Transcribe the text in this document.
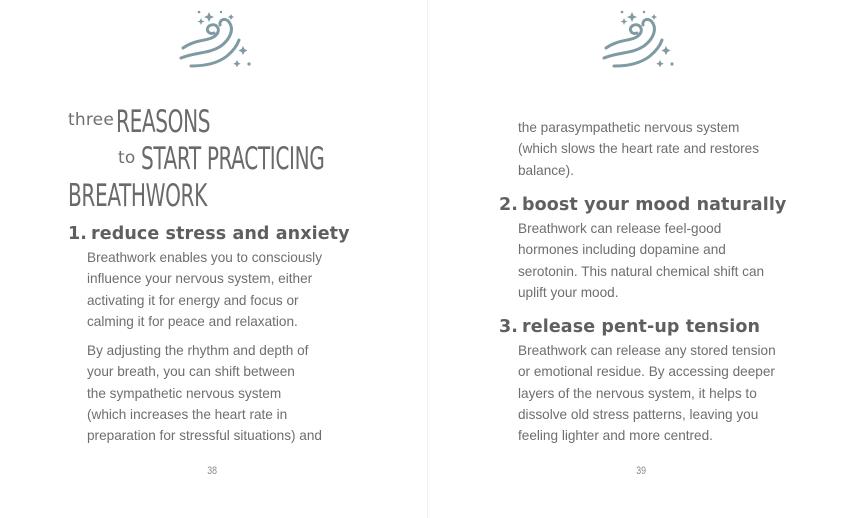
three REASONS
to START PRACTICING
BREATHWORK
1. reduce stress and anxiety
Breathwork enables you to consciously
influence your nervous system, either
activating it for energy and focus or
calming it for peace and relaxation.
By adjusting the rhythm and depth of
your breath, you can shift between
the sympathetic nervous system
(which increases the heart rate in
preparation for stressful situations) and
38
the parasympathetic nervous system
(which slows the heart rate and restores
balance).
2. boost your mood naturally
Breathwork can release feel-good
hormones including dopamine and
serotonin. This natural chemical shift can
uplift your mood.
3. release pent-up tension
Breathwork can release any stored tension
or emotional residue. By accessing deeper
layers of the nervous system, it helps to
dissolve old stress patterns, leaving you
feeling lighter and more centred.
39
